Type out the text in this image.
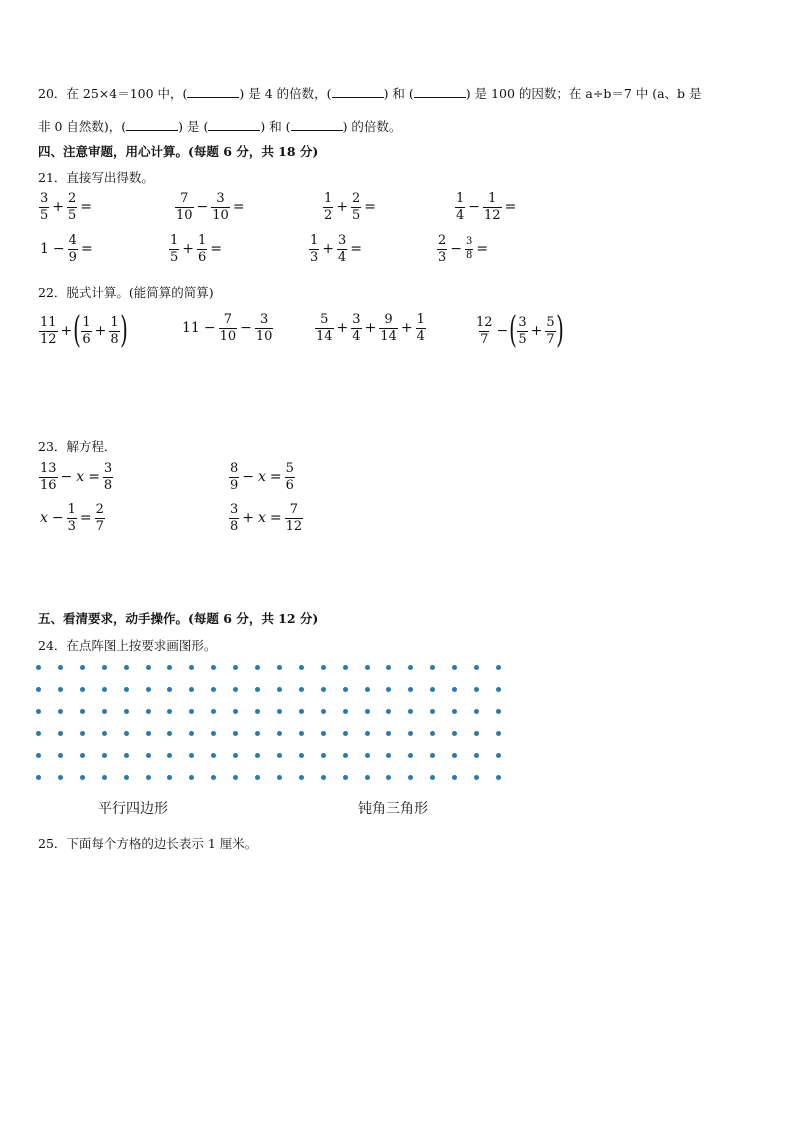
20．在 25×4＝100 中，(	) 是 4 的倍数，(	) 和 (	) 是 100 的因数；在 a÷b＝7 中 (a、b 是
非 0 自然数)，(	) 是 (	) 和 (	) 的倍数。
四、注意审题，用心计算。(每题 6 分，共 18 分)
21．直接写出得数。
$\frac{3}{5} + \frac{2}{5}$ =	$\frac{7}{10} - \frac{3}{10}$ =	$\frac{1}{2} + \frac{2}{5}$ =	$\frac{1}{4} - \frac{1}{12}$ =
$1 - \frac{4}{9}$ =	$\frac{1}{5} + \frac{1}{6}$ =	$\frac{1}{3} + \frac{3}{4}$ =	$\frac{2}{3} - \frac{3}{8}$ =
22．脱式计算。(能简算的简算)
$\frac{11}{12}$ + ( $\frac{1}{6} + \frac{1}{8}$ )	$11 - \frac{7}{10} - \frac{3}{10}$	$\frac{5}{14} + \frac{3}{4} + \frac{9}{14} + \frac{1}{4}$	$\frac{12}{7}$ − ( $\frac{3}{5} + \frac{5}{7}$ )
23．解方程．
$\frac{13}{16} - x = \frac{3}{8}$	$\frac{8}{9} - x = \frac{5}{6}$
$x - \frac{1}{3} = \frac{2}{7}$	$\frac{3}{8} + x = \frac{7}{12}$
五、看清要求，动手操作。(每题 6 分，共 12 分)
24．在点阵图上按要求画图形。
平行四边形	钝角三角形
25．下面每个方格的边长表示 1 厘米。
